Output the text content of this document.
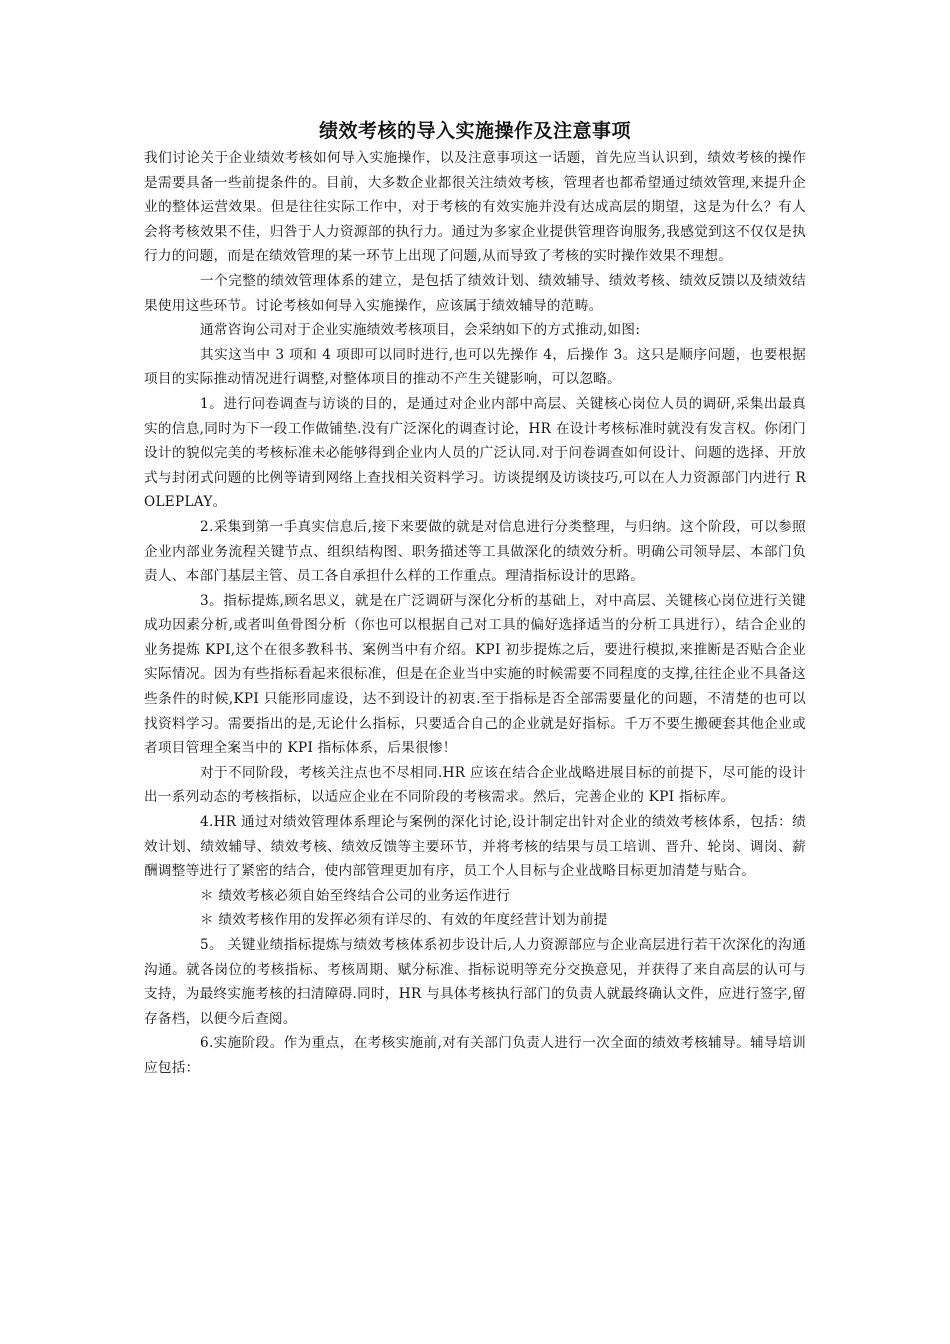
绩效考核的导入实施操作及注意事项

我们讨论关于企业绩效考核如何导入实施操作，以及注意事项这一话题，首先应当认识到，绩效考核的操作是需要具备一些前提条件的。目前，大多数企业都很关注绩效考核，管理者也都希望通过绩效管理,来提升企业的整体运营效果。但是往往实际工作中，对于考核的有效实施并没有达成高层的期望，这是为什么？有人会将考核效果不佳，归咎于人力资源部的执行力。通过为多家企业提供管理咨询服务,我感觉到这不仅仅是执行力的问题，而是在绩效管理的某一环节上出现了问题,从而导致了考核的实时操作效果不理想。

一个完整的绩效管理体系的建立，是包括了绩效计划、绩效辅导、绩效考核、绩效反馈以及绩效结果使用这些环节。讨论考核如何导入实施操作，应该属于绩效辅导的范畴。

通常咨询公司对于企业实施绩效考核项目，会采纳如下的方式推动,如图:

其实这当中 3 项和 4 项即可以同时进行,也可以先操作 4，后操作 3。这只是顺序问题，也要根据项目的实际推动情况进行调整,对整体项目的推动不产生关键影响，可以忽略。

1。进行问卷调查与访谈的目的，是通过对企业内部中高层、关键核心岗位人员的调研,采集出最真实的信息,同时为下一段工作做铺垫.没有广泛深化的调查讨论，HR 在设计考核标准时就没有发言权。你闭门设计的貌似完美的考核标准未必能够得到企业内人员的广泛认同.对于问卷调查如何设计、问题的选择、开放式与封闭式问题的比例等请到网络上查找相关资料学习。访谈提纲及访谈技巧,可以在人力资源部门内进行 ROLEPLAY。

2.采集到第一手真实信息后,接下来要做的就是对信息进行分类整理，与归纳。这个阶段，可以参照企业内部业务流程关键节点、组织结构图、职务描述等工具做深化的绩效分析。明确公司领导层、本部门负责人、本部门基层主管、员工各自承担什么样的工作重点。理清指标设计的思路。

3。指标提炼,顾名思义，就是在广泛调研与深化分析的基础上，对中高层、关键核心岗位进行关键成功因素分析,或者叫鱼骨图分析（你也可以根据自己对工具的偏好选择适当的分析工具进行），结合企业的业务提炼 KPI,这个在很多教科书、案例当中有介绍。KPI 初步提炼之后，要进行模拟,来推断是否贴合企业实际情况。因为有些指标看起来很标准，但是在企业当中实施的时候需要不同程度的支撑,往往企业不具备这些条件的时候,KPI 只能形同虚设，达不到设计的初衷.至于指标是否全部需要量化的问题，不清楚的也可以找资料学习。需要指出的是,无论什么指标，只要适合自己的企业就是好指标。千万不要生搬硬套其他企业或者项目管理全案当中的 KPI 指标体系，后果很惨！

对于不同阶段，考核关注点也不尽相同.HR 应该在结合企业战略进展目标的前提下，尽可能的设计出一系列动态的考核指标，以适应企业在不同阶段的考核需求。然后，完善企业的 KPI 指标库。

4.HR 通过对绩效管理体系理论与案例的深化讨论,设计制定出针对企业的绩效考核体系，包括：绩效计划、绩效辅导、绩效考核、绩效反馈等主要环节，并将考核的结果与员工培训、晋升、轮岗、调岗、薪酬调整等进行了紧密的结合，使内部管理更加有序，员工个人目标与企业战略目标更加清楚与贴合。

＊ 绩效考核必须自始至终结合公司的业务运作进行

＊ 绩效考核作用的发挥必须有详尽的、有效的年度经营计划为前提

5。 关键业绩指标提炼与绩效考核体系初步设计后,人力资源部应与企业高层进行若干次深化的沟通沟通。就各岗位的考核指标、考核周期、赋分标准、指标说明等充分交换意见，并获得了来自高层的认可与支持，为最终实施考核的扫清障碍.同时，HR 与具体考核执行部门的负责人就最终确认文件，应进行签字,留存备档，以便今后查阅。

6.实施阶段。作为重点，在考核实施前,对有关部门负责人进行一次全面的绩效考核辅导。辅导培训应包括：
